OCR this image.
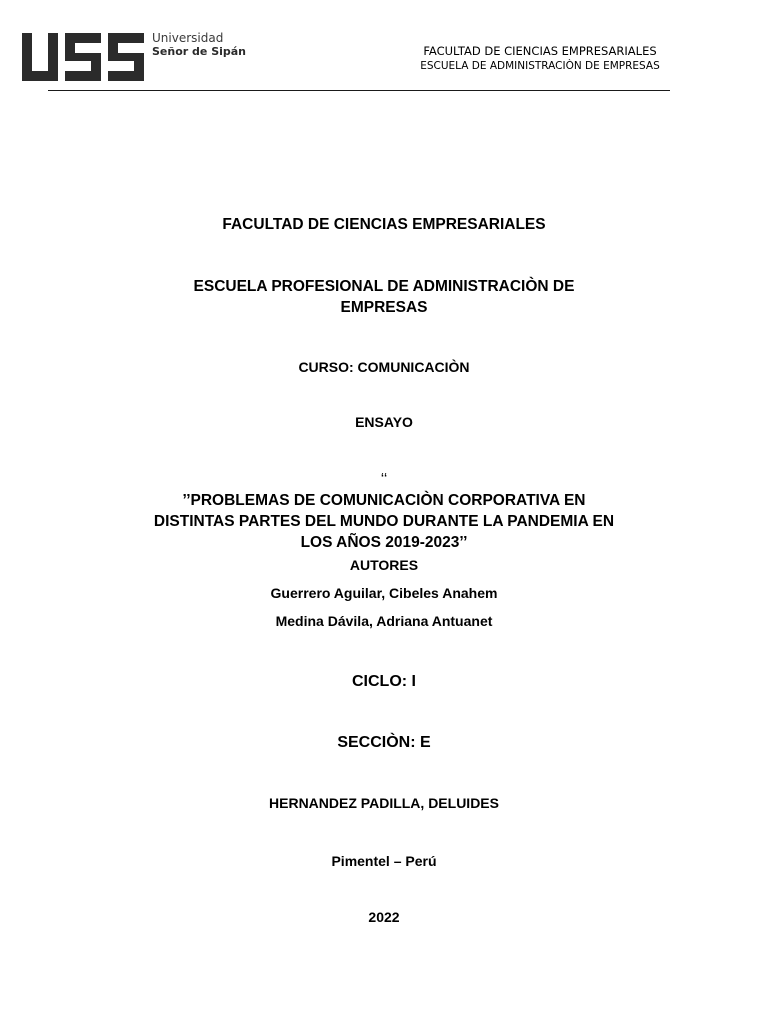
Universidad
Señor de Sipán	FACULTAD DE CIENCIAS EMPRESARIALES
ESCUELA DE ADMINISTRACIÒN DE EMPRESAS
FACULTAD DE CIENCIAS EMPRESARIALES
ESCUELA PROFESIONAL DE ADMINISTRACIÒN DE
EMPRESAS
CURSO: COMUNICACIÒN
ENSAYO
‘‘
’’PROBLEMAS DE COMUNICACIÒN CORPORATIVA EN
DISTINTAS PARTES DEL MUNDO DURANTE LA PANDEMIA EN
LOS AÑOS 2019-2023’’
AUTORES
Guerrero Aguilar, Cibeles Anahem
Medina Dávila, Adriana Antuanet
CICLO: I
SECCIÒN: E
HERNANDEZ PADILLA, DELUIDES
Pimentel – Perú
2022
